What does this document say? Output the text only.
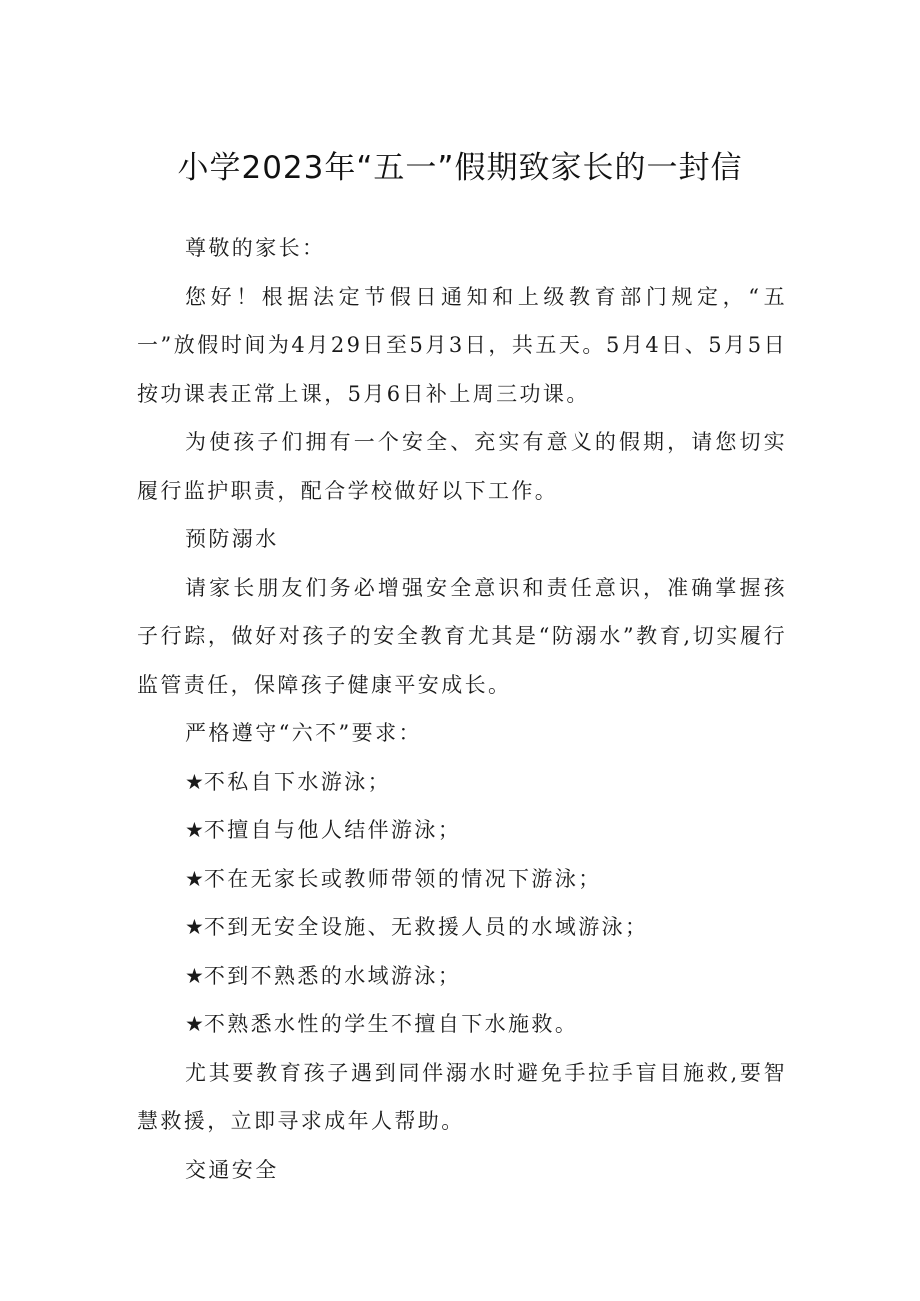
小学2023年“五一”假期致家长的一封信

尊敬的家长：

您好！根据法定节假日通知和上级教育部门规定，“五一”放假时间为4月29日至5月3日，共五天。5月4日、5月5日按功课表正常上课，5月6日补上周三功课。

为使孩子们拥有一个安全、充实有意义的假期，请您切实履行监护职责，配合学校做好以下工作。

预防溺水

请家长朋友们务必增强安全意识和责任意识，准确掌握孩子行踪，做好对孩子的安全教育尤其是“防溺水”教育,切实履行监管责任，保障孩子健康平安成长。

严格遵守“六不”要求：

★不私自下水游泳；

★不擅自与他人结伴游泳；

★不在无家长或教师带领的情况下游泳；

★不到无安全设施、无救援人员的水域游泳；

★不到不熟悉的水域游泳；

★不熟悉水性的学生不擅自下水施救。

尤其要教育孩子遇到同伴溺水时避免手拉手盲目施救,要智慧救援，立即寻求成年人帮助。

交通安全
